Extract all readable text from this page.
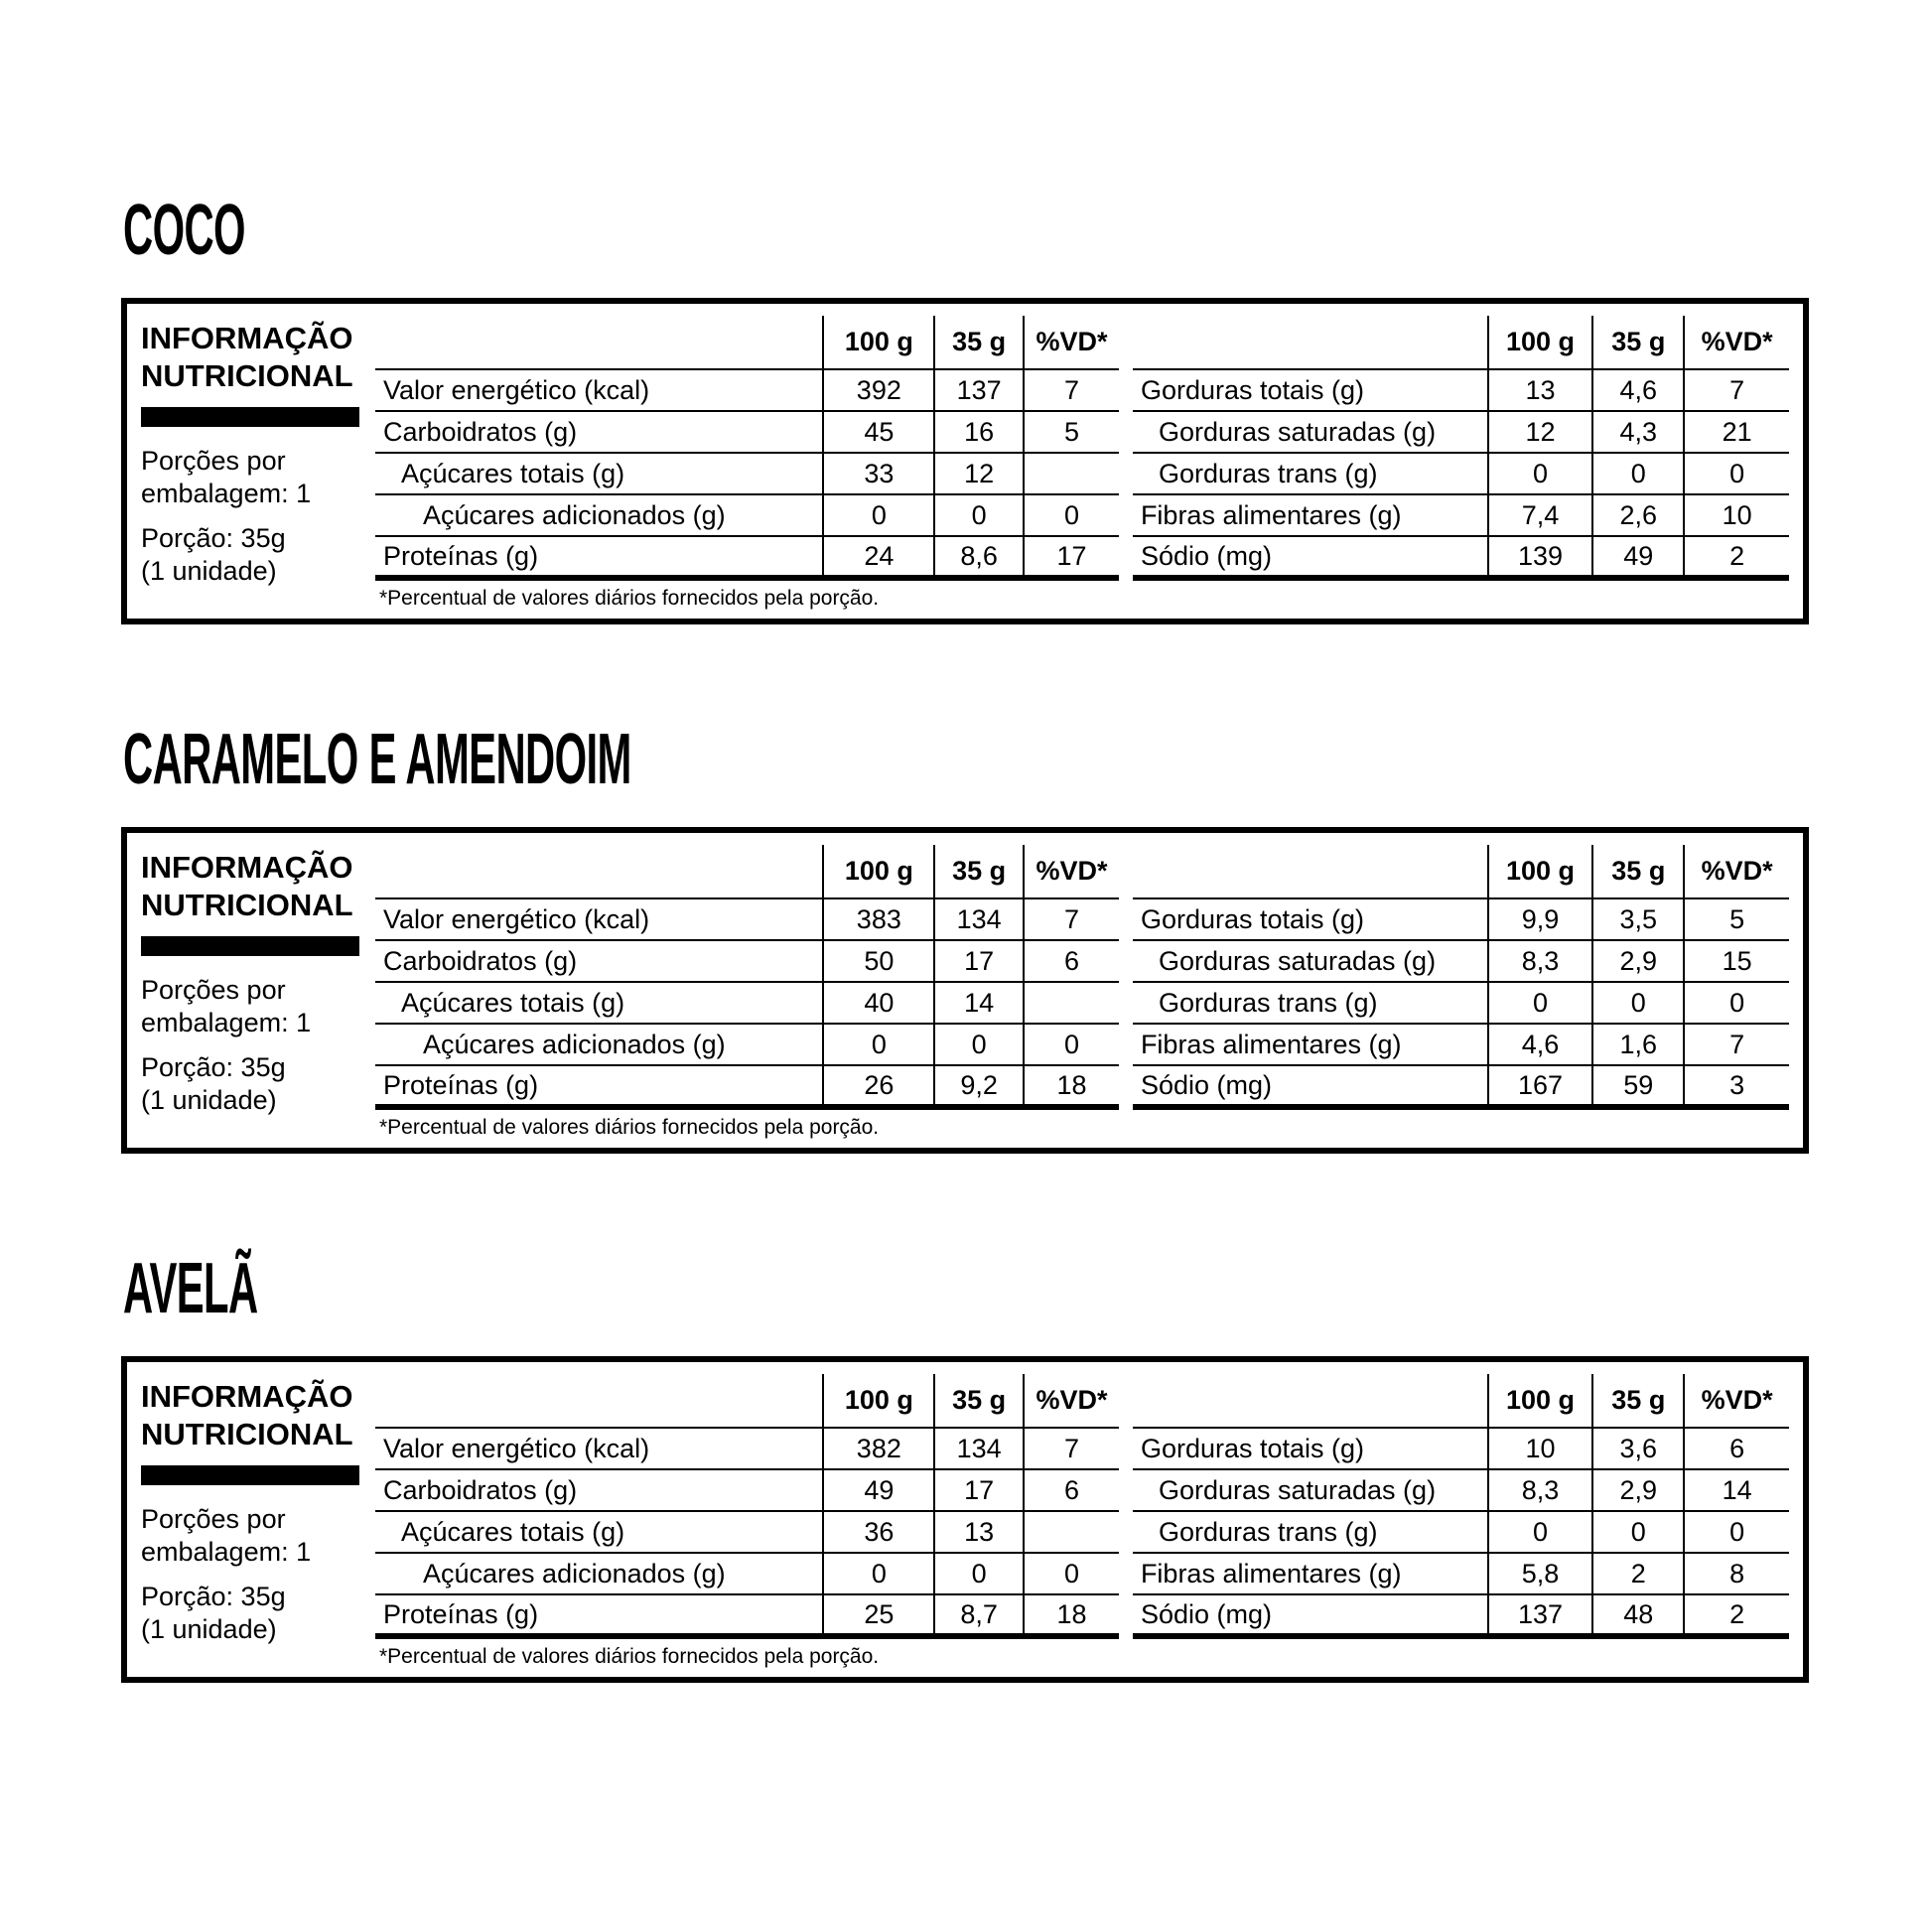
COCO
INFORMAÇÃO
NUTRICIONAL
Porções por
embalagem: 1
Porção: 35g
(1 unidade)
	100 g	35 g	%VD*
Valor energético (kcal)	392	137	7
Carboidratos (g)	45	16	5
Açúcares totais (g)	33	12	
Açúcares adicionados (g)	0	0	0
Proteínas (g)	24	8,6	17
	100 g	35 g	%VD*
Gorduras totais (g)	13	4,6	7
Gorduras saturadas (g)	12	4,3	21
Gorduras trans (g)	0	0	0
Fibras alimentares (g)	7,4	2,6	10
Sódio (mg)	139	49	2
*Percentual de valores diários fornecidos pela porção.
CARAMELO E AMENDOIM
INFORMAÇÃO
NUTRICIONAL
Porções por
embalagem: 1
Porção: 35g
(1 unidade)
	100 g	35 g	%VD*
Valor energético (kcal)	383	134	7
Carboidratos (g)	50	17	6
Açúcares totais (g)	40	14	
Açúcares adicionados (g)	0	0	0
Proteínas (g)	26	9,2	18
	100 g	35 g	%VD*
Gorduras totais (g)	9,9	3,5	5
Gorduras saturadas (g)	8,3	2,9	15
Gorduras trans (g)	0	0	0
Fibras alimentares (g)	4,6	1,6	7
Sódio (mg)	167	59	3
*Percentual de valores diários fornecidos pela porção.
AVELÃ
INFORMAÇÃO
NUTRICIONAL
Porções por
embalagem: 1
Porção: 35g
(1 unidade)
	100 g	35 g	%VD*
Valor energético (kcal)	382	134	7
Carboidratos (g)	49	17	6
Açúcares totais (g)	36	13	
Açúcares adicionados (g)	0	0	0
Proteínas (g)	25	8,7	18
	100 g	35 g	%VD*
Gorduras totais (g)	10	3,6	6
Gorduras saturadas (g)	8,3	2,9	14
Gorduras trans (g)	0	0	0
Fibras alimentares (g)	5,8	2	8
Sódio (mg)	137	48	2
*Percentual de valores diários fornecidos pela porção.
